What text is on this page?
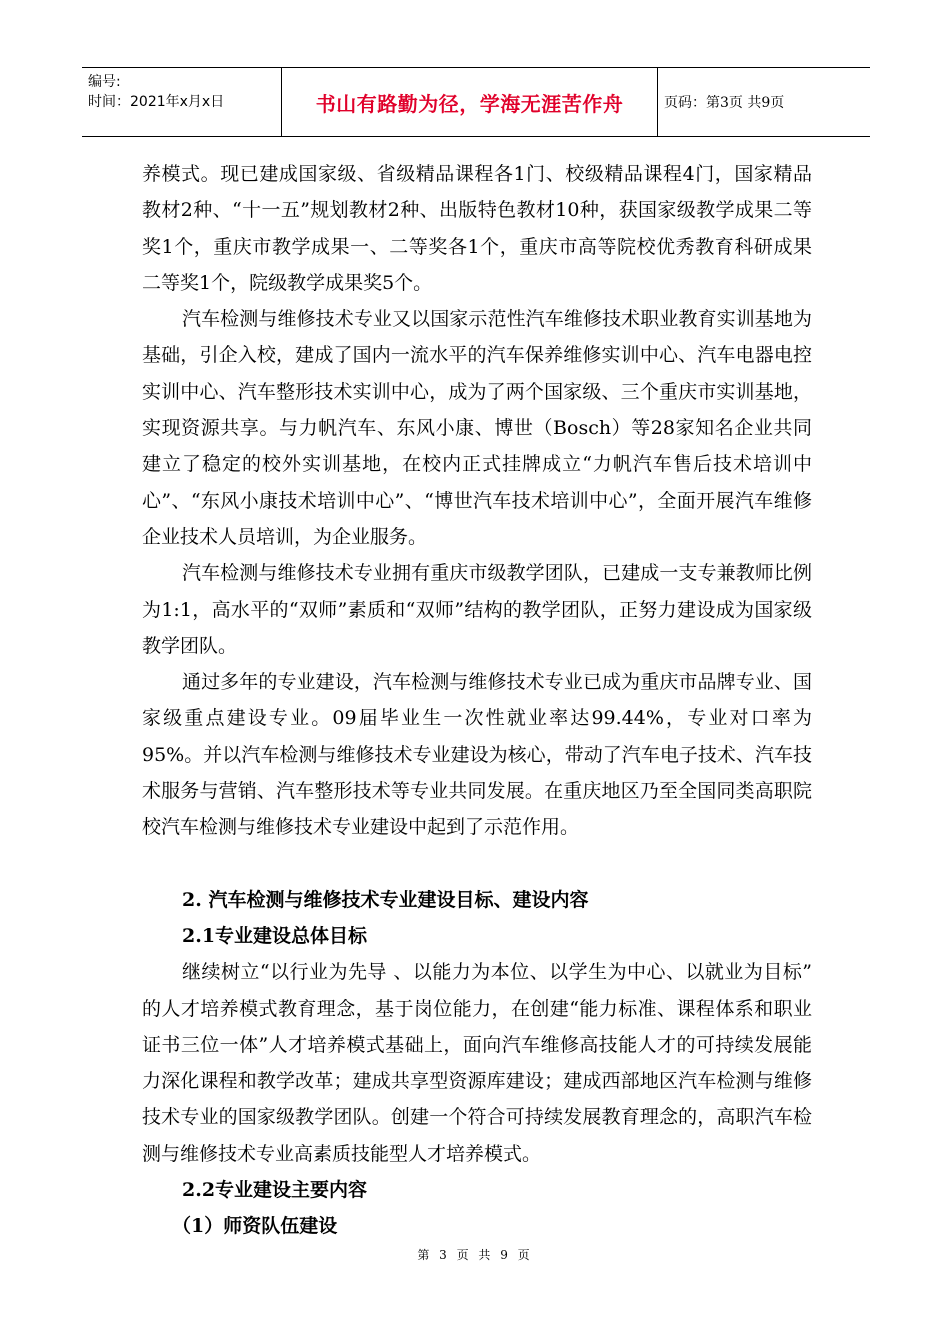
编号:
时间：2021年x月x日	书山有路勤为径，学海无涯苦作舟	页码：第3页 共9页

养模式。现已建成国家级、省级精品课程各1门、校级精品课程4门，国家精品教材2种、“十一五”规划教材2种、出版特色教材10种，获国家级教学成果二等奖1个，重庆市教学成果一、二等奖各1个，重庆市高等院校优秀教育科研成果二等奖1个，院级教学成果奖5个。

汽车检测与维修技术专业又以国家示范性汽车维修技术职业教育实训基地为基础，引企入校，建成了国内一流水平的汽车保养维修实训中心、汽车电器电控实训中心、汽车整形技术实训中心，成为了两个国家级、三个重庆市实训基地，实现资源共享。与力帆汽车、东风小康、博世（Bosch）等28家知名企业共同建立了稳定的校外实训基地，在校内正式挂牌成立“力帆汽车售后技术培训中心”、“东风小康技术培训中心”、“博世汽车技术培训中心”，全面开展汽车维修企业技术人员培训，为企业服务。

汽车检测与维修技术专业拥有重庆市级教学团队，已建成一支专兼教师比例为1:1，高水平的“双师”素质和“双师”结构的教学团队，正努力建设成为国家级教学团队。

通过多年的专业建设，汽车检测与维修技术专业已成为重庆市品牌专业、国家级重点建设专业。09届毕业生一次性就业率达99.44%，专业对口率为95%。并以汽车检测与维修技术专业建设为核心，带动了汽车电子技术、汽车技术服务与营销、汽车整形技术等专业共同发展。在重庆地区乃至全国同类高职院校汽车检测与维修技术专业建设中起到了示范作用。

2. 汽车检测与维修技术专业建设目标、建设内容

2.1专业建设总体目标

继续树立“以行业为先导 、以能力为本位、以学生为中心、以就业为目标” 的人才培养模式教育理念，基于岗位能力，在创建“能力标准、课程体系和职业证书三位一体”人才培养模式基础上，面向汽车维修高技能人才的可持续发展能力深化课程和教学改革；建成共享型资源库建设；建成西部地区汽车检测与维修技术专业的国家级教学团队。创建一个符合可持续发展教育理念的，高职汽车检测与维修技术专业高素质技能型人才培养模式。

2.2专业建设主要内容

（1）师资队伍建设

第 3 页 共 9 页
